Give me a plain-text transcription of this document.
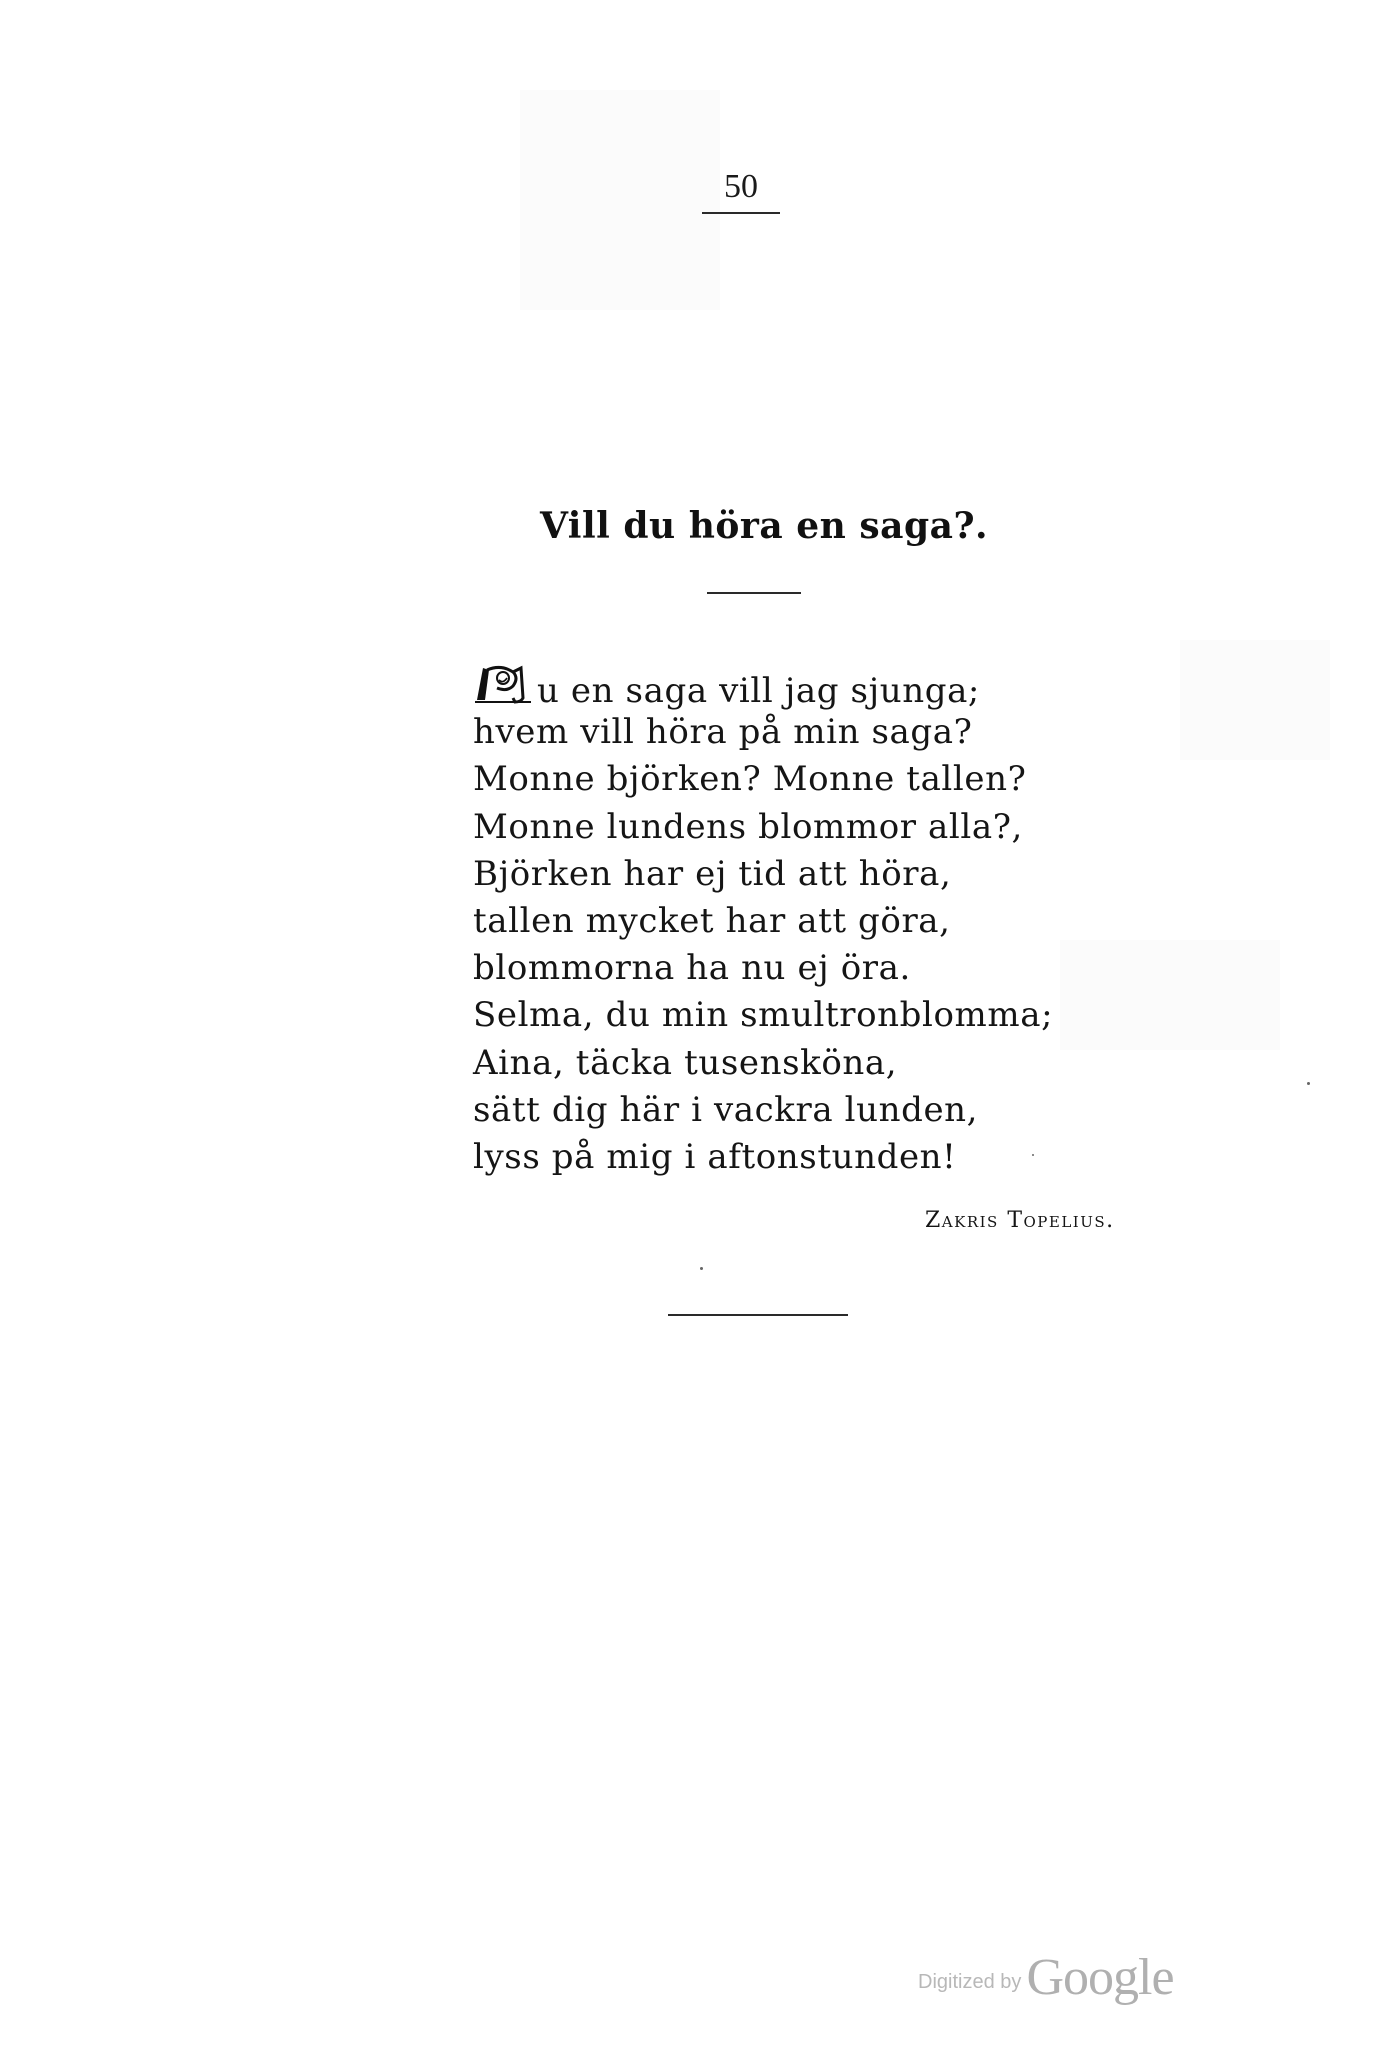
50
Vill du höra en saga?.
u en saga vill jag sjunga;
hvem vill höra på min saga?
Monne björken? Monne tallen?
Monne lundens blommor alla?,
Björken har ej tid att höra,
tallen mycket har att göra,
blommorna ha nu ej öra.
Selma, du min smultronblomma;
Aina, täcka tusensköna,
sätt dig här i vackra lunden,
lyss på mig i aftonstunden!
Zakris Topelius.
Digitized by Google
